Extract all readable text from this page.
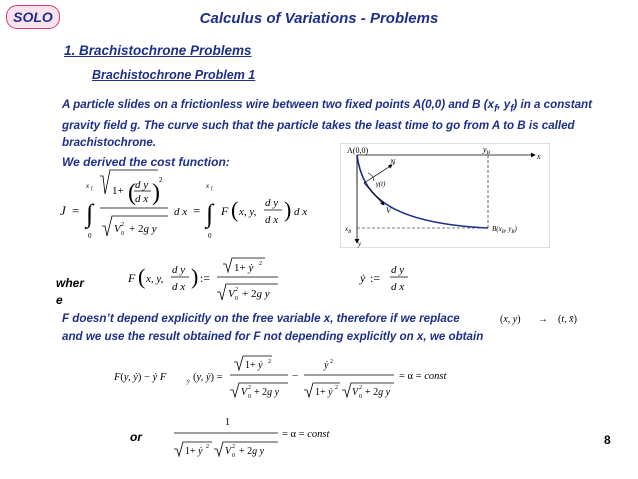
SOLO	Calculus of Variations - Problems
1. Brachistochrone Problems
Brachistochrone Problem 1
A particle slides on a frictionless wire between two fixed points A(0,0) and B ($x_f$, $y_f$) in a constant gravity field g. The curve such that the particle takes the least time to go from A to B is called brachistochrone.
We derived the cost function:
A(0,0)	$y_B$	x
y
$x_B$
N
γ(t)
V
$B(x_B$, $y_B$)
J = ∫
x f
0
1+ ( d y
d x ) 2
V 0
2 + 2g y
d x = ∫
x f
0
F ( x, y,
d y
d x ) d x
wher e
F ( x, y,
d y
d x ) :=
1+ ẏ 2
V 0
2 + 2g y
ẏ :=
d y
d x
F doesn’t depend explicitly on the free variable x, therefore if we replace
and we use the result obtained for F not depending explicitly on x, we obtain
(x, y) → (t, x̄)
F(y, ẏ) − ẏ F	ẏ (y, ẏ) =
1+ ẏ 2
V 0
2 + 2g y
−
ẏ 2
1+ ẏ 2 V 0
2 + 2g y
= α = const
or
1
1+ ẏ 2 V 0
2 + 2g y
= α = const	8
